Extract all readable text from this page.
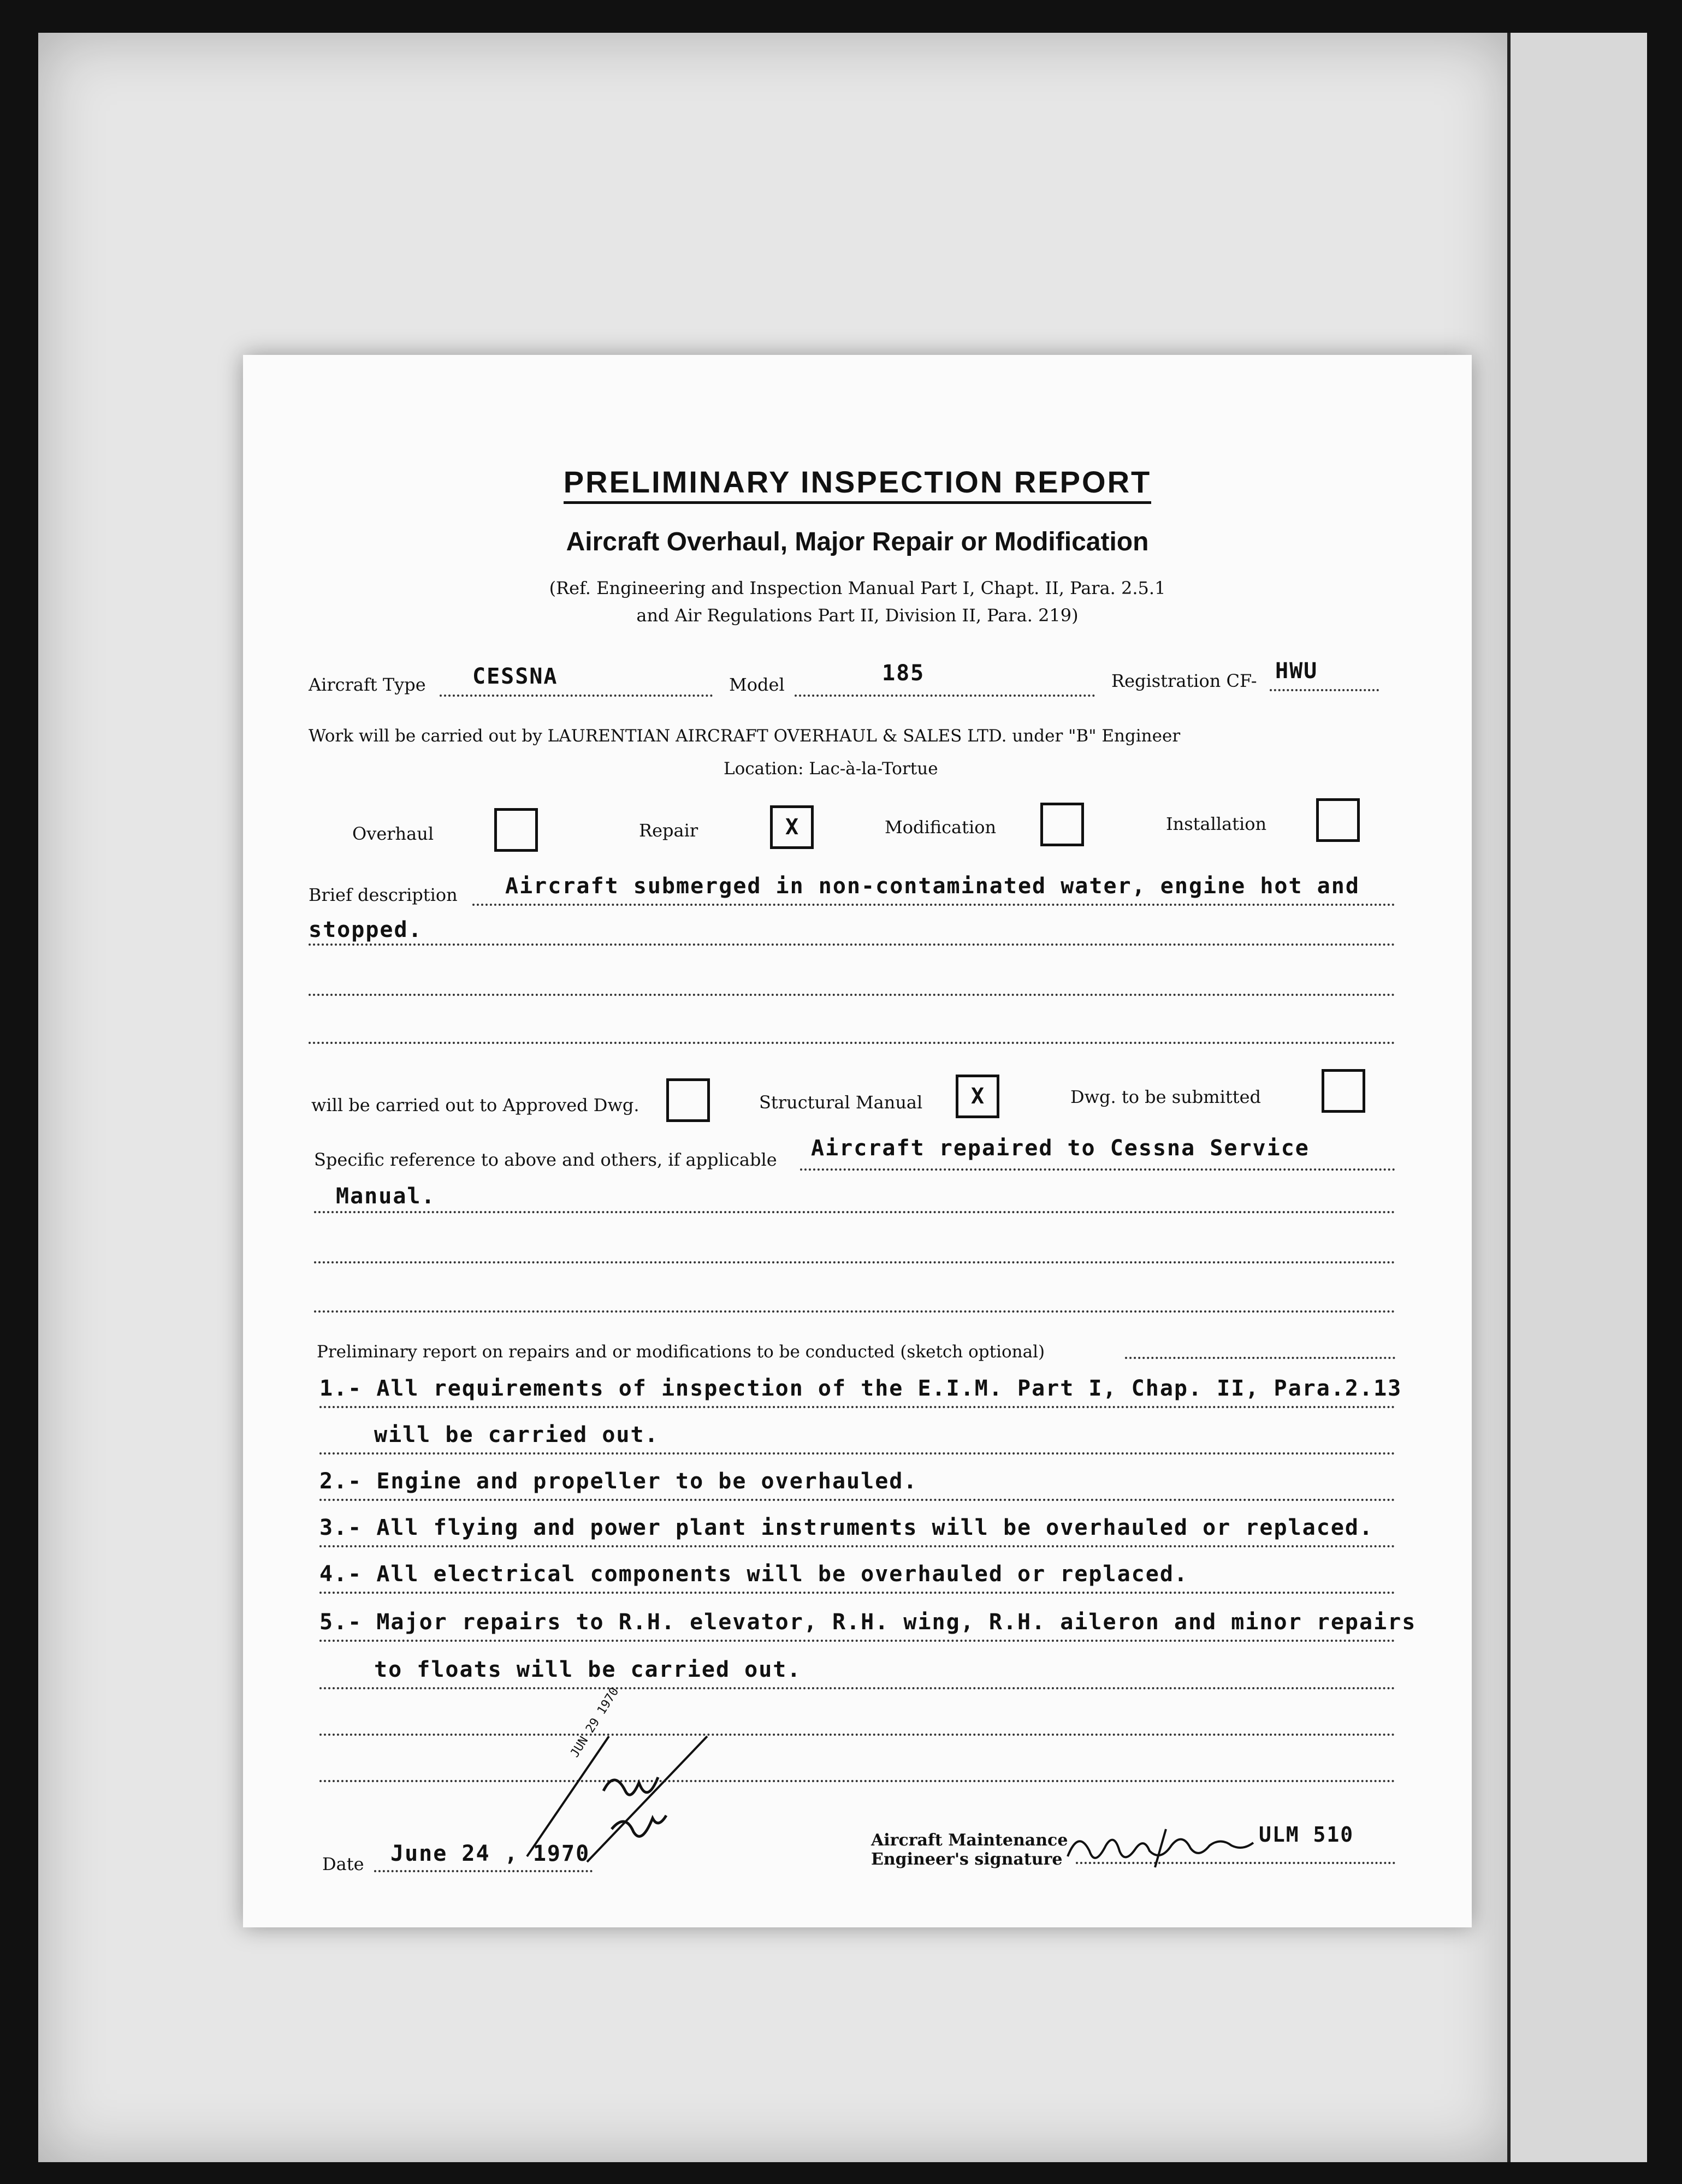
PRELIMINARY INSPECTION REPORT
Aircraft Overhaul, Major Repair or Modification
(Ref. Engineering and Inspection Manual Part I, Chapt. II, Para. 2.5.1
and Air Regulations Part II, Division II, Para. 219)
Aircraft Type CESSNA	Model	185	Registration CF- HWU
Work will be carried out by LAURENTIAN AIRCRAFT OVERHAUL & SALES LTD. under "B" Engineer
Location: Lac-à-la-Tortue
Overhaul	Repair	X	Modification	Installation
Brief description Aircraft submerged in non-contaminated water, engine hot and
stopped.
will be carried out to Approved Dwg.	Structural Manual	X	Dwg. to be submitted
Specific reference to above and others, if applicable Aircraft repaired to Cessna Service
Manual.
Preliminary report on repairs and or modifications to be conducted (sketch optional)
1.- All requirements of inspection of the E.I.M. Part I, Chap. II, Para.2.13
will be carried out.
2.- Engine and propeller to be overhauled.
3.- All flying and power plant instruments will be overhauled or replaced.
4.- All electrical components will be overhauled or replaced.
5.- Major repairs to R.H. elevator, R.H. wing, R.H. aileron and minor repairs
to floats will be carried out.
JUN 29 1970
Date June 24 , 1970
Aircraft Maintenance
Engineer's signature
ULM 510
